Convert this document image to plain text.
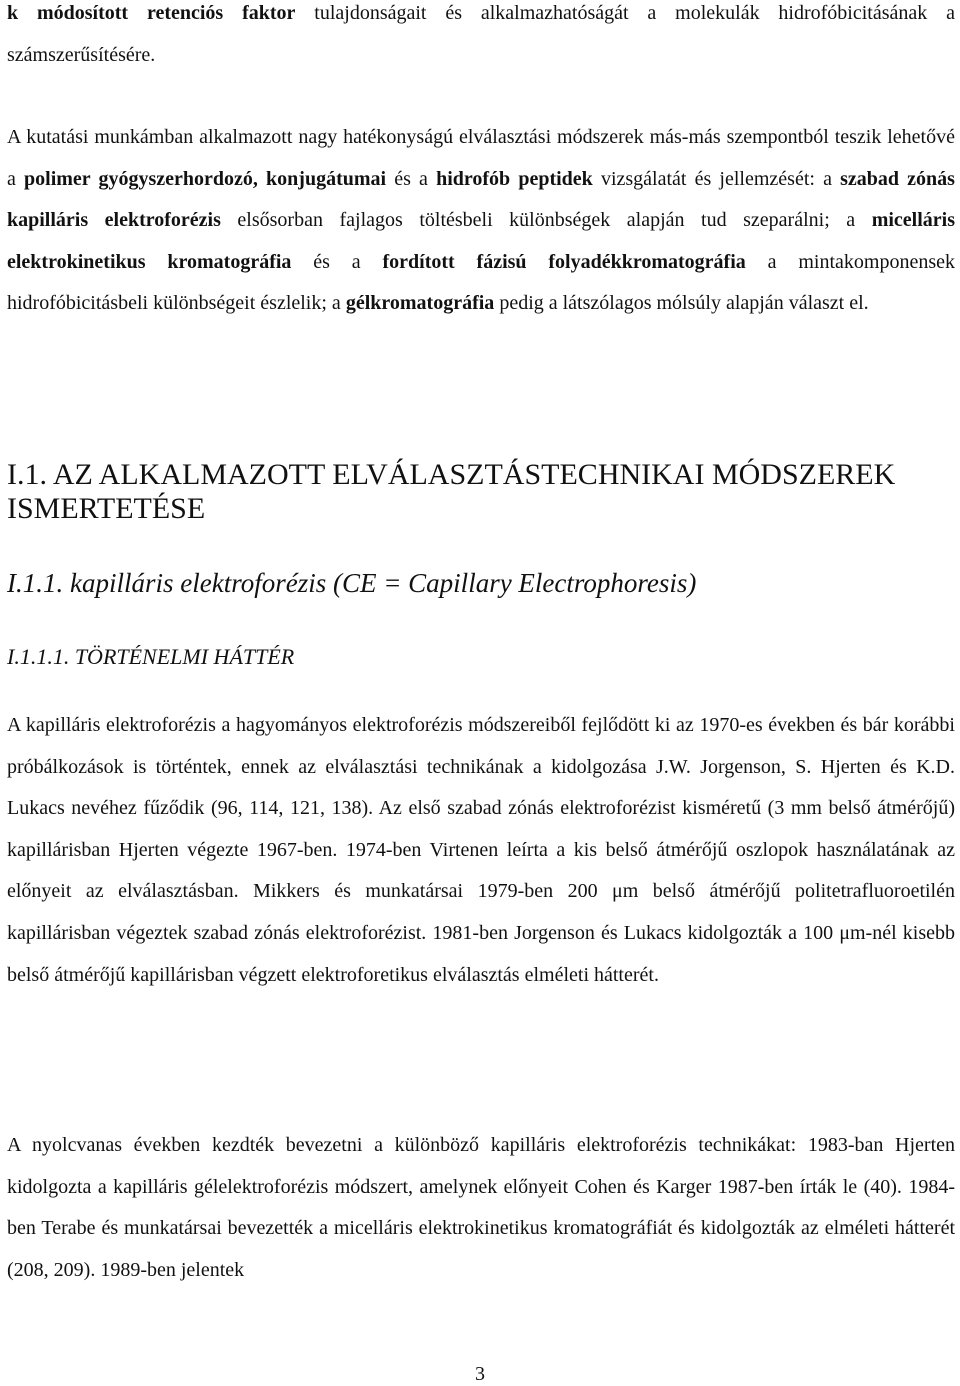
k módosított retenciós faktor tulajdonságait és alkalmazhatóságát a molekulák hidrofóbicitásának a számszerűsítésére.

A kutatási munkámban alkalmazott nagy hatékonyságú elválasztási módszerek más-más szempontból teszik lehetővé a polimer gyógyszerhordozó, konjugátumai és a hidrofób peptidek vizsgálatát és jellemzését: a szabad zónás kapilláris elektroforézis elsősorban fajlagos töltésbeli különbségek alapján tud szeparálni; a micelláris elektrokinetikus kromatográfia és a fordított fázisú folyadékkromatográfia a mintakomponensek hidrofóbicitásbeli különbségeit észlelik; a gélkromatográfia pedig a látszólagos mólsúly alapján választ el.

I.1. AZ ALKALMAZOTT ELVÁLASZTÁSTECHNIKAI MÓDSZEREK ISMERTETÉSE
I.1.1. kapilláris elektroforézis (CE = Capillary Electrophoresis)
I.1.1.1. TÖRTÉNELMI HÁTTÉR

A kapilláris elektroforézis a hagyományos elektroforézis módszereiből fejlődött ki az 1970-es években és bár korábbi próbálkozások is történtek, ennek az elválasztási technikának a kidolgozása J.W. Jorgenson, S. Hjerten és K.D. Lukacs nevéhez fűződik (96, 114, 121, 138). Az első szabad zónás elektroforézist kisméretű (3 mm belső átmérőjű) kapillárisban Hjerten végezte 1967-ben. 1974-ben Virtenen leírta a kis belső átmérőjű oszlopok használatának az előnyeit az elválasztásban. Mikkers és munkatársai 1979-ben 200 μm belső átmérőjű politetrafluoroetilén kapillárisban végeztek szabad zónás elektroforézist. 1981-ben Jorgenson és Lukacs kidolgozták a 100 μm-nél kisebb belső átmérőjű kapillárisban végzett elektroforetikus elválasztás elméleti hátterét.

A nyolcvanas években kezdték bevezetni a különböző kapilláris elektroforézis technikákat: 1983-ban Hjerten kidolgozta a kapilláris gélelektroforézis módszert, amelynek előnyeit Cohen és Karger 1987-ben írták le (40). 1984-ben Terabe és munkatársai bevezették a micelláris elektrokinetikus kromatográfiát és kidolgozták az elméleti hátterét (208, 209). 1989-ben jelentek

3
